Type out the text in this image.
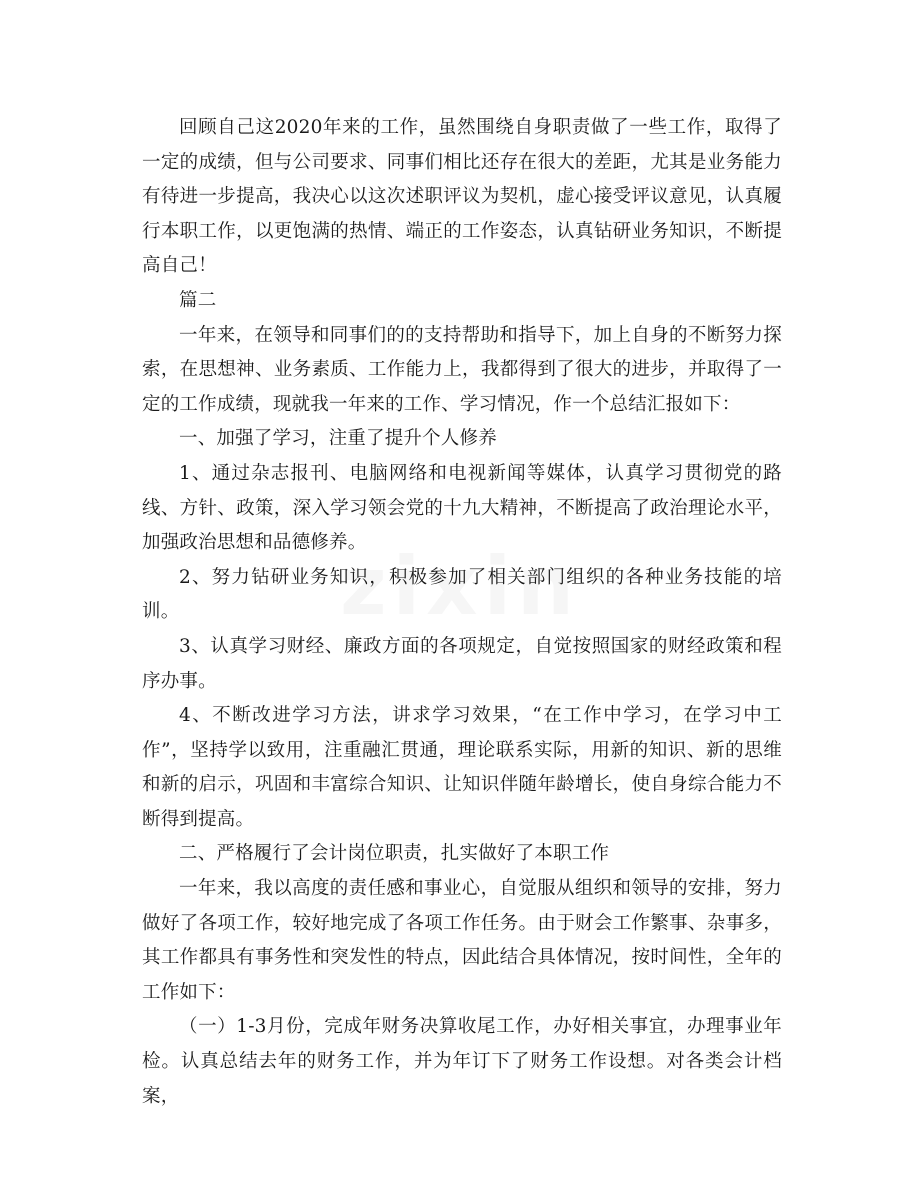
回顾自己这2020年来的工作，虽然围绕自身职责做了一些工作，取得了一定的成绩，但与公司要求、同事们相比还存在很大的差距，尤其是业务能力有待进一步提高，我决心以这次述职评议为契机，虚心接受评议意见，认真履行本职工作，以更饱满的热情、端正的工作姿态，认真钻研业务知识，不断提高自己！

篇二

一年来，在领导和同事们的的支持帮助和指导下，加上自身的不断努力探索，在思想神、业务素质、工作能力上，我都得到了很大的进步，并取得了一定的工作成绩，现就我一年来的工作、学习情况，作一个总结汇报如下：

一、加强了学习，注重了提升个人修养

1、通过杂志报刊、电脑网络和电视新闻等媒体，认真学习贯彻党的路线、方针、政策，深入学习领会党的十九大精神，不断提高了政治理论水平，加强政治思想和品德修养。

2、努力钻研业务知识，积极参加了相关部门组织的各种业务技能的培训。

3、认真学习财经、廉政方面的各项规定，自觉按照国家的财经政策和程序办事。

4、不断改进学习方法，讲求学习效果，“在工作中学习，在学习中工作”，坚持学以致用，注重融汇贯通，理论联系实际，用新的知识、新的思维和新的启示，巩固和丰富综合知识、让知识伴随年龄增长，使自身综合能力不断得到提高。

二、严格履行了会计岗位职责，扎实做好了本职工作

一年来，我以高度的责任感和事业心，自觉服从组织和领导的安排，努力做好了各项工作，较好地完成了各项工作任务。由于财会工作繁事、杂事多，其工作都具有事务性和突发性的特点，因此结合具体情况，按时间性，全年的工作如下：

（一）1-3月份，完成年财务决算收尾工作，办好相关事宜，办理事业年检。认真总结去年的财务工作，并为年订下了财务工作设想。对各类会计档案，
